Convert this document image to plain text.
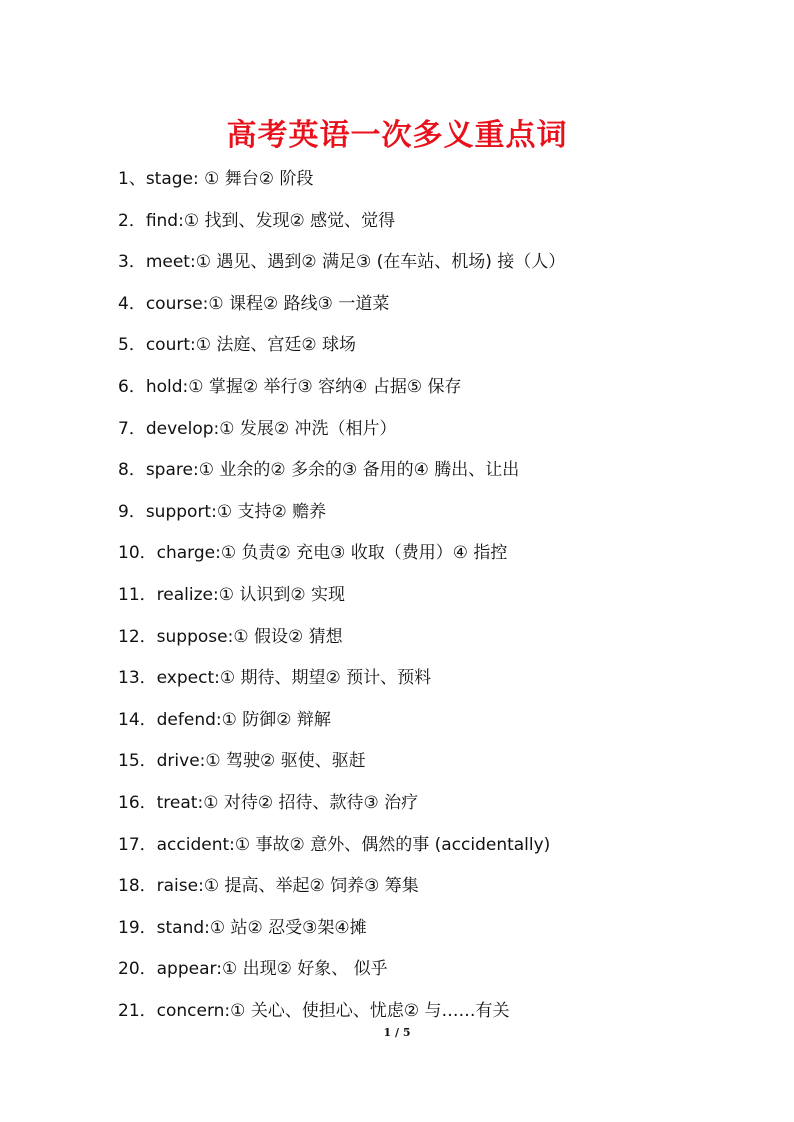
高考英语一次多义重点词
1、stage: ① 舞台② 阶段
2．find:① 找到、发现② 感觉、觉得
3．meet:① 遇见、遇到② 满足③ (在车站、机场) 接（人）
4．course:① 课程② 路线③ 一道菜
5．court:① 法庭、宫廷② 球场
6．hold:① 掌握② 举行③ 容纳④ 占据⑤ 保存
7．develop:① 发展② 冲洗（相片）
8．spare:① 业余的② 多余的③ 备用的④ 腾出、让出
9．support:① 支持② 赡养
10．charge:① 负责② 充电③ 收取（费用）④ 指控
11．realize:① 认识到② 实现
12．suppose:① 假设② 猜想
13．expect:① 期待、期望② 预计、预料
14．defend:① 防御② 辩解
15．drive:① 驾驶② 驱使、驱赶
16．treat:① 对待② 招待、款待③ 治疗
17．accident:① 事故② 意外、偶然的事 (accidentally)
18．raise:① 提高、举起② 饲养③ 筹集
19．stand:① 站② 忍受③架④摊
20．appear:① 出现② 好象、 似乎
21．concern:① 关心、使担心、忧虑② 与……有关
1 / 5
